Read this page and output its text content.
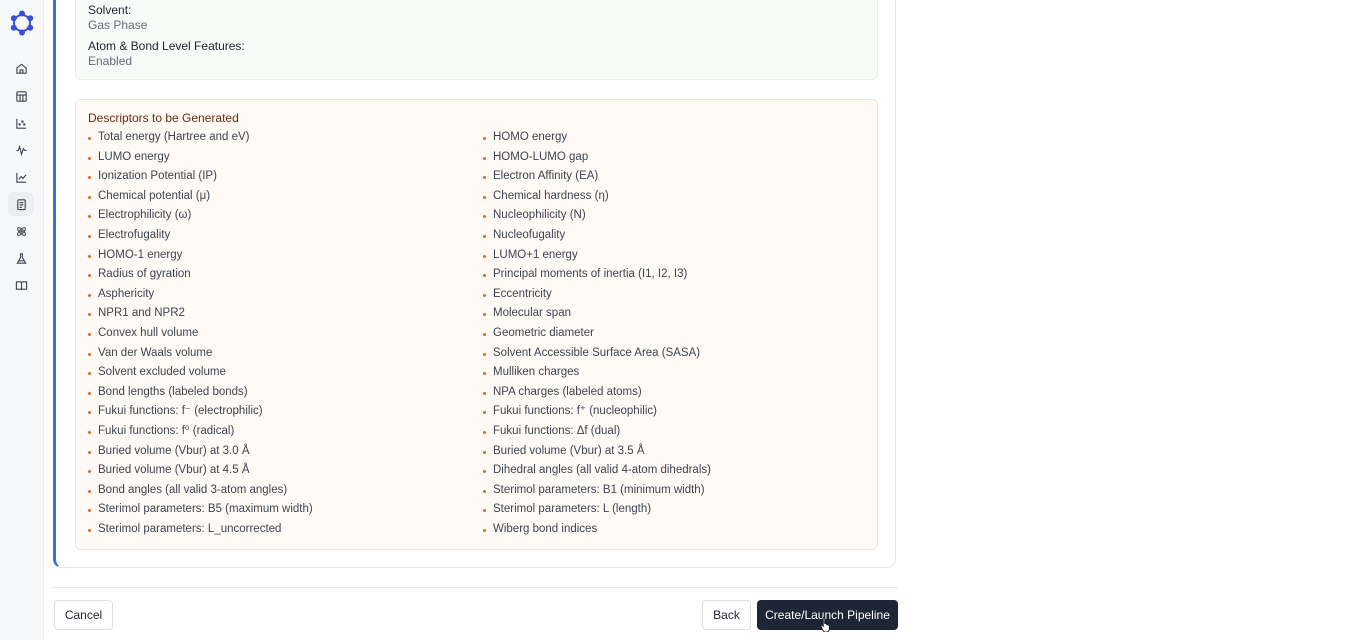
Solvent:
Gas Phase
Atom & Bond Level Features:
Enabled
Descriptors to be Generated
Total energy (Hartree and eV)
LUMO energy
Ionization Potential (IP)
Chemical potential (μ)
Electrophilicity (ω)
Electrofugality
HOMO-1 energy
Radius of gyration
Asphericity
NPR1 and NPR2
Convex hull volume
Van der Waals volume
Solvent excluded volume
Bond lengths (labeled bonds)
Fukui functions: f⁻ (electrophilic)
Fukui functions: f⁰ (radical)
Buried volume (Vbur) at 3.0 Å
Buried volume (Vbur) at 4.5 Å
Bond angles (all valid 3-atom angles)
Sterimol parameters: B5 (maximum width)
Sterimol parameters: L_uncorrected
HOMO energy
HOMO-LUMO gap
Electron Affinity (EA)
Chemical hardness (η)
Nucleophilicity (N)
Nucleofugality
LUMO+1 energy
Principal moments of inertia (I1, I2, I3)
Eccentricity
Molecular span
Geometric diameter
Solvent Accessible Surface Area (SASA)
Mulliken charges
NPA charges (labeled atoms)
Fukui functions: f⁺ (nucleophilic)
Fukui functions: Δf (dual)
Buried volume (Vbur) at 3.5 Å
Dihedral angles (all valid 4-atom dihedrals)
Sterimol parameters: B1 (minimum width)
Sterimol parameters: L (length)
Wiberg bond indices
Cancel	Back	Create/Launch Pipeline
